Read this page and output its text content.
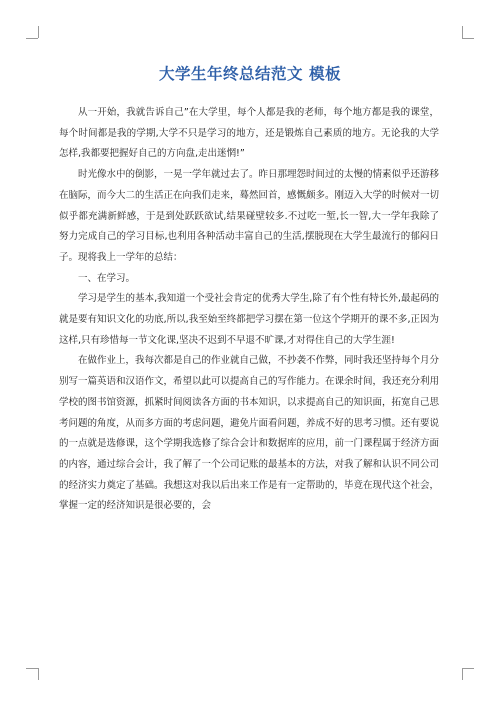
大学生年终总结范文 模板

从一开始，我就告诉自己”在大学里，每个人都是我的老师，每个地方都是我的课堂，每个时间都是我的学期,大学不只是学习的地方，还是锻炼自己素质的地方。无论我的大学怎样,我都要把握好自己的方向盘,走出迷惘!”

时光像水中的倒影，一晃一学年就过去了。昨日那埋怨时间过的太慢的情素似乎还游移在脑际，而今大二的生活正在向我们走来，蓦然回首，感慨颇多。刚迈入大学的时候对一切似乎都充满新鲜感，于是到处跃跃欲试,结果碰壁较多.不过吃一堑,长一智,大一学年我除了努力完成自己的学习目标,也利用各种活动丰富自己的生活,摆脱现在大学生最流行的郁闷日子。现将我上一学年的总结：

一、在学习。

学习是学生的基本,我知道一个受社会肯定的优秀大学生,除了有个性有特长外,最起码的就是要有知识文化的功底,所以,我至始至终都把学习摆在第一位这个学期开的课不多,正因为这样,只有珍惜每一节文化课,坚决不迟到不早退不旷课,才对得住自己的大学生涯!

在做作业上，我每次都是自己的作业就自己做，不抄袭不作弊，同时我还坚持每个月分别写一篇英语和汉语作文，希望以此可以提高自己的写作能力。在课余时间，我还充分利用学校的图书馆资源，抓紧时间阅读各方面的书本知识，以求提高自己的知识面，拓宽自己思考问题的角度，从而多方面的考虑问题，避免片面看问题，养成不好的思考习惯。还有要说的一点就是选修课，这个学期我选修了综合会计和数据库的应用，前一门课程属于经济方面的内容，通过综合会计，我了解了一个公司记账的最基本的方法，对我了解和认识不同公司的经济实力奠定了基础。我想这对我以后出来工作是有一定帮助的，毕竟在现代这个社会，掌握一定的经济知识是很必要的，会
